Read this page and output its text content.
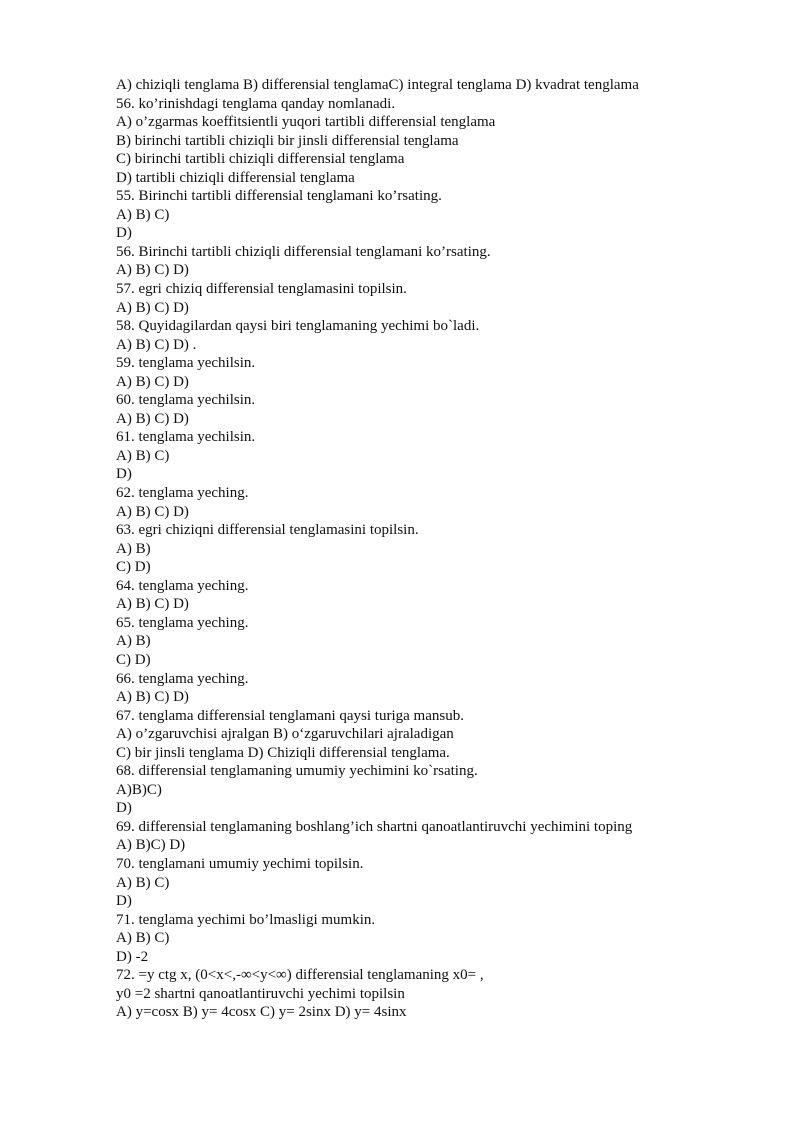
A) chiziqli tenglama B) differensial tenglamaC) integral tenglama D) kvadrat tenglama
56. ko’rinishdagi tenglama qanday nomlanadi.
A) o’zgarmas koeffitsientli yuqori tartibli differensial tenglama
B) birinchi tartibli chiziqli bir jinsli differensial tenglama
C) birinchi tartibli chiziqli differensial tenglama
D) tartibli chiziqli differensial tenglama
55. Birinchi tartibli differensial tenglamani ko’rsating.
A) B) C)
D)
56. Birinchi tartibli chiziqli differensial tenglamani ko’rsating.
A) B) C) D)
57. egri chiziq differensial tenglamasini topilsin.
A) B) C) D)
58. Quyidagilardan qaysi biri tenglamaning yechimi bo`ladi.
A) B) C) D) .
59. tenglama yechilsin.
A) B) C) D)
60. tenglama yechilsin.
A) B) C) D)
61. tenglama yechilsin.
A) B) C)
D)
62. tenglama yeching.
A) B) C) D)
63. egri chiziqni differensial tenglamasini topilsin.
A) B)
C) D)
64. tenglama yeching.
A) B) C) D)
65. tenglama yeching.
A) B)
C) D)
66. tenglama yeching.
A) B) C) D)
67. tenglama differensial tenglamani qaysi turiga mansub.
A) o’zgaruvchisi ajralgan B) o‘zgaruvchilari ajraladigan
C) bir jinsli tenglama D) Chiziqli differensial tenglama.
68. differensial tenglamaning umumiy yechimini ko`rsating.
A)B)C)
D)
69. differensial tenglamaning boshlang’ich shartni qanoatlantiruvchi yechimini toping
A) B)C) D)
70. tenglamani umumiy yechimi topilsin.
A) B) C)
D)
71. tenglama yechimi bo’lmasligi mumkin.
A) B) C)
D) -2
72. =y ctg x, (0<x<,-∞<y<∞) differensial tenglamaning x0= ,
y0 =2 shartni qanoatlantiruvchi yechimi topilsin
A) y=cosx B) y= 4cosx C) y= 2sinx D) y= 4sinx
